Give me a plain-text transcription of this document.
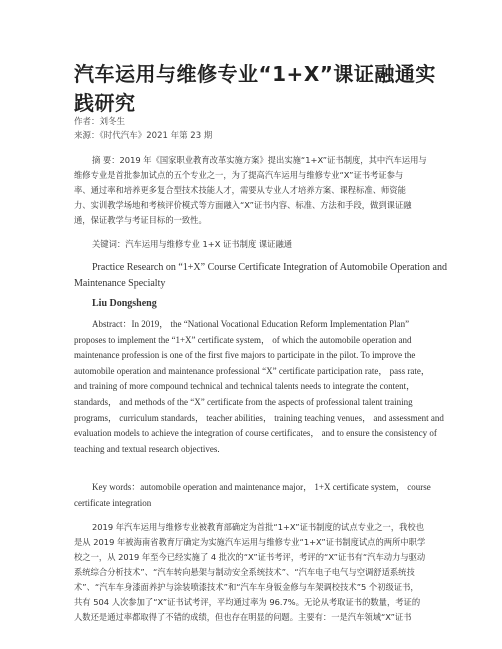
汽车运用与维修专业“1+X”课证融通实践研究
作者：刘冬生
来源：《时代汽车》2021 年第 23 期
摘 要：2019 年《国家职业教育改革实施方案》提出实施“1+X”证书制度，其中汽车运用与
维修专业是首批参加试点的五个专业之一，为了提高汽车运用与维修专业“X”证书考证参与
率、通过率和培养更多复合型技术技能人才，需要从专业人才培养方案、课程标准、师资能
力、实训教学场地和考核评价模式等方面融入“X”证书内容、标准、方法和手段，做到课证融
通，保证教学与考证目标的一致性。
关键词：汽车运用与维修专业 1+X 证书制度 课证融通
Practice Research on “1+X” Course Certificate Integration of Automobile Operation and
Maintenance Specialty
Liu Dongsheng
Abstract：In 2019， the “National Vocational Education Reform Implementation Plan”
proposes to implement the “1+X” certificate system， of which the automobile operation and
maintenance profession is one of the first five majors to participate in the pilot. To improve the
automobile operation and maintenance professional “X” certificate participation rate， pass rate，
and training of more compound technical and technical talents needs to integrate the content，
standards， and methods of the “X” certificate from the aspects of professional talent training
programs， curriculum standards， teacher abilities， training teaching venues， and assessment and
evaluation models to achieve the integration of course certificates， and to ensure the consistency of
teaching and textual research objectives.
Key words：automobile operation and maintenance major， 1+X certificate system， course
certificate integration
2019 年汽车运用与维修专业被教育部确定为首批“1+X”证书制度的试点专业之一，我校也
是从 2019 年被海南省教育厅确定为实施汽车运用与维修专业“1+X”证书制度试点的两所中职学
校之一，从 2019 年至今已经实施了 4 批次的“X”证书考评，考评的“X”证书有“汽车动力与驱动
系统综合分析技术”、“汽车转向悬架与制动安全系统技术”、“汽车电子电气与空调舒适系统技
术”、“汽车车身漆面养护与涂装喷漆技术”和“汽车车身钣金修与车架调校技术”5 个初级证书，
共有 504 人次参加了“X”证书试考评，平均通过率为 96.7%。无论从考取证书的数量，考证的
人数还是通过率都取得了不错的成绩，但也存在明显的问题。主要有：一是汽车领域“X”证书
